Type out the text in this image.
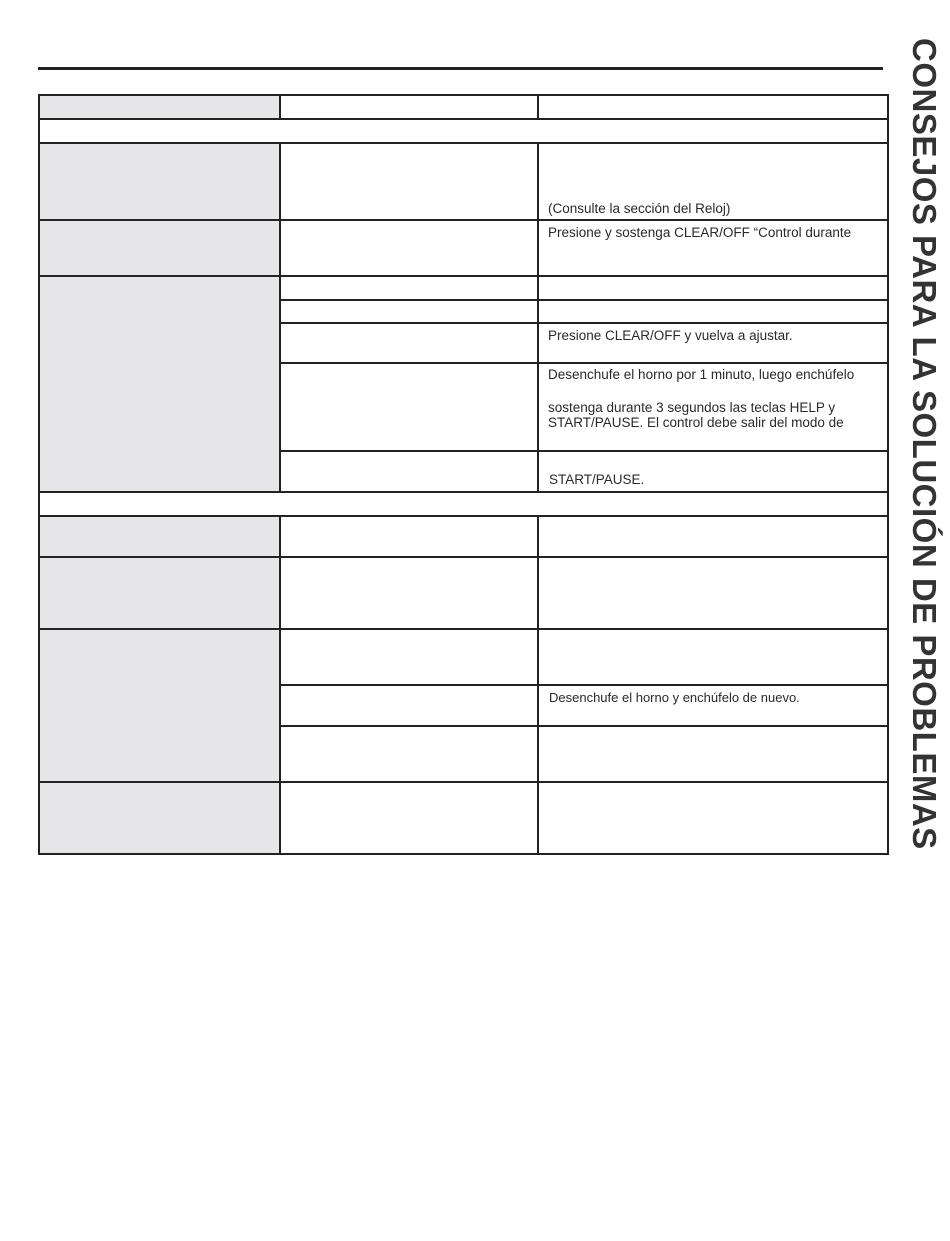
CONSEJOS PARA LA SOLUCIÓN DE PROBLEMAS
(Consulte la sección del Reloj)
Presione y sostenga CLEAR/OFF “Control durante
Presione CLEAR/OFF y vuelva a ajustar.
Desenchufe el horno por 1 minuto, luego enchúfelo
sostenga durante 3 segundos las teclas HELP y
START/PAUSE. El control debe salir del modo de
START/PAUSE.
Desenchufe el horno y enchúfelo de nuevo.
